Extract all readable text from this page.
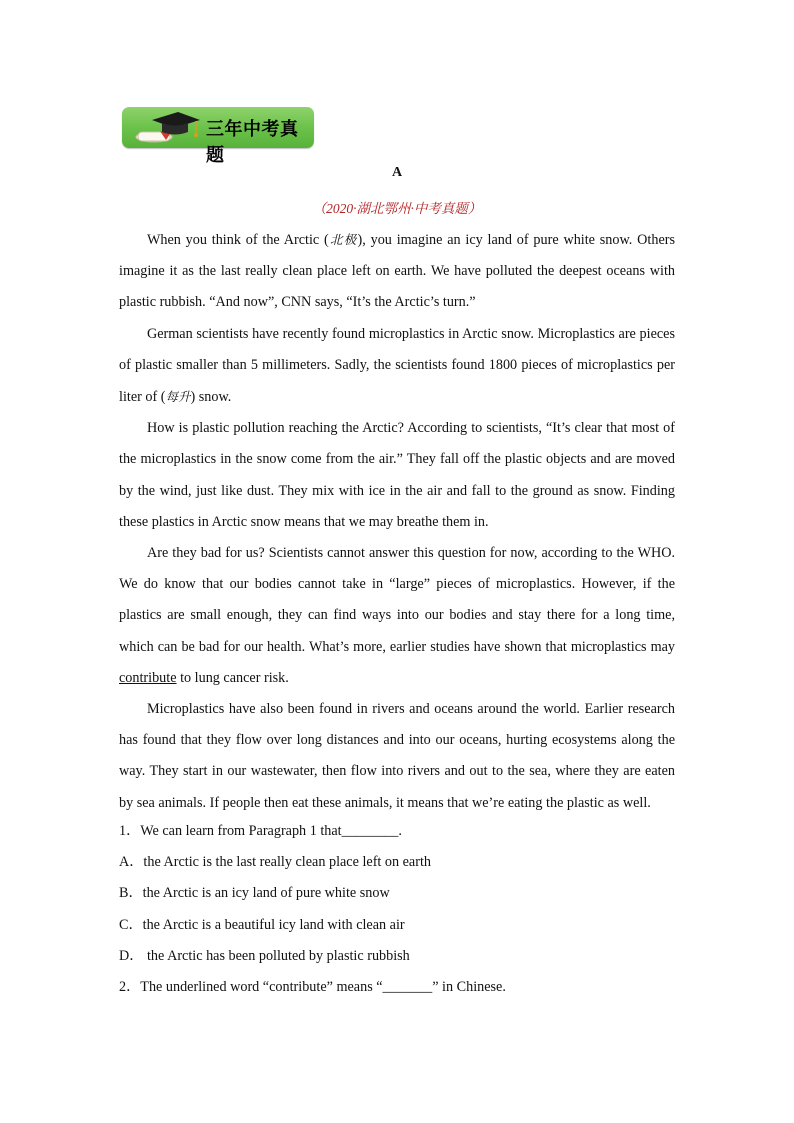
三年中考真题
A
（2020·湖北鄂州·中考真题）

When you think of the Arctic (北极), you imagine an icy land of pure white snow. Others imagine it as the last really clean place left on earth. We have polluted the deepest oceans with plastic rubbish. “And now”, CNN says, “It’s the Arctic’s turn.”

German scientists have recently found microplastics in Arctic snow. Microplastics are pieces of plastic smaller than 5 millimeters. Sadly, the scientists found 1800 pieces of microplastics per liter of (每升) snow.

How is plastic pollution reaching the Arctic? According to scientists, “It’s clear that most of the microplastics in the snow come from the air.” They fall off the plastic objects and are moved by the wind, just like dust. They mix with ice in the air and fall to the ground as snow. Finding these plastics in Arctic snow means that we may breathe them in.

Are they bad for us? Scientists cannot answer this question for now, according to the WHO. We do know that our bodies cannot take in “large” pieces of microplastics. However, if the plastics are small enough, they can find ways into our bodies and stay there for a long time, which can be bad for our health. What’s more, earlier studies have shown that microplastics may contribute to lung cancer risk.

Microplastics have also been found in rivers and oceans around the world. Earlier research has found that they flow over long distances and into our oceans, hurting ecosystems along the way. They start in our wastewater, then flow into rivers and out to the sea, where they are eaten by sea animals. If people then eat these animals, it means that we’re eating the plastic as well.

1．We can learn from Paragraph 1 that________.
A．the Arctic is the last really clean place left on earth
B．the Arctic is an icy land of pure white snow
C．the Arctic is a beautiful icy land with clean air
D． the Arctic has been polluted by plastic rubbish
2．The underlined word “contribute” means “_______” in Chinese.
